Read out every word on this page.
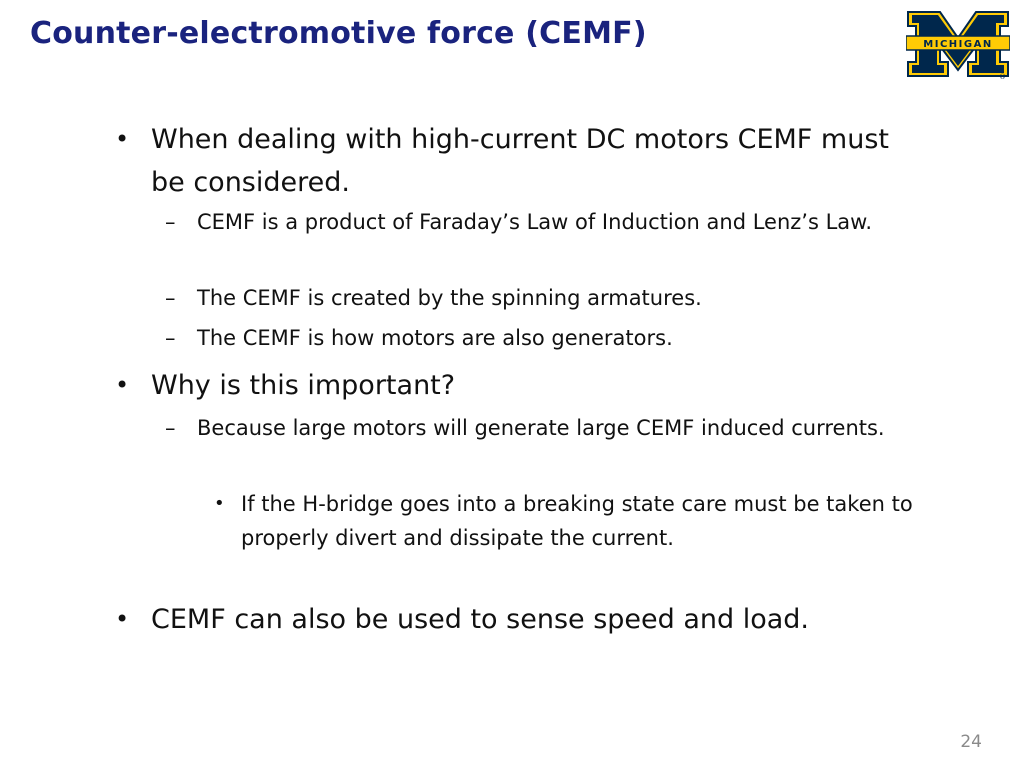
Counter-electromotive force (CEMF)	MICHIGAN
®
• When dealing with high-current DC motors CEMF must be considered.
– CEMF is a product of Faraday’s Law of Induction and Lenz’s Law.
– The CEMF is created by the spinning armatures.
– The CEMF is how motors are also generators.
• Why is this important?
– Because large motors will generate large CEMF induced currents.
• If the H-bridge goes into a breaking state care must be taken to properly divert and dissipate the current.
• CEMF can also be used to sense speed and load.
24
